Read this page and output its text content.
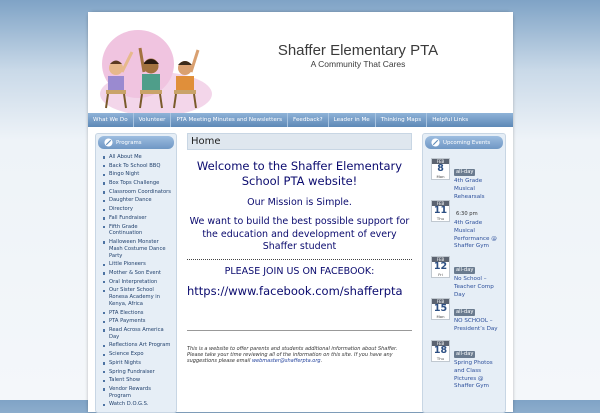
Shaffer Elementary PTA
A Community That Cares
What We Do	Volunteer	PTA Meeting Minutes and Newsletters	Feedback?	Leader in Me	Thinking Maps	Helpful Links
Programs
All About Me
Back To School BBQ
Bingo Night
Box Tops Challenge
Classroom Coordinators
Daughter Dance
Directory
Fall Fundraiser
Fifth Grade Continuation
Halloween Monster Mash Costume Dance Party
Little Pioneers
Mother & Son Event
Oral Interpretation
Our Sister School Ronesa Academy in Kenya, Africa
PTA Elections
PTA Payments
Read Across America Day
Reflections Art Program
Science Expo
Spirit Nights
Spring Fundraiser
Talent Show
Vendor Rewards Program
Watch D.O.G.S.
Home
Welcome to the Shaffer Elementary School PTA website!
Our Mission is Simple.
We want to build the best possible support for the education and development of every Shaffer student
PLEASE JOIN US ON FACEBOOK:
https://www.facebook.com/shafferpta
This is a website to offer parents and students additional information about Shaffer. Please take your time reviewing all of the information on this site. If you have any suggestions please email webmaster@shafferpta.org.
Upcoming Events
FEB
8
Mon
all-day
4th Grade Musical Rehearsals
FEB
11
Thu
6:30 pm
4th Grade Musical Performance @ Shaffer Gym
FEB
12
Fri
all-day
No School – Teacher Comp Day
FEB
15
Mon
all-day
NO SCHOOL – President’s Day
FEB
18
Thu
all-day
Spring Photos and Class Pictures @ Shaffer Gym
